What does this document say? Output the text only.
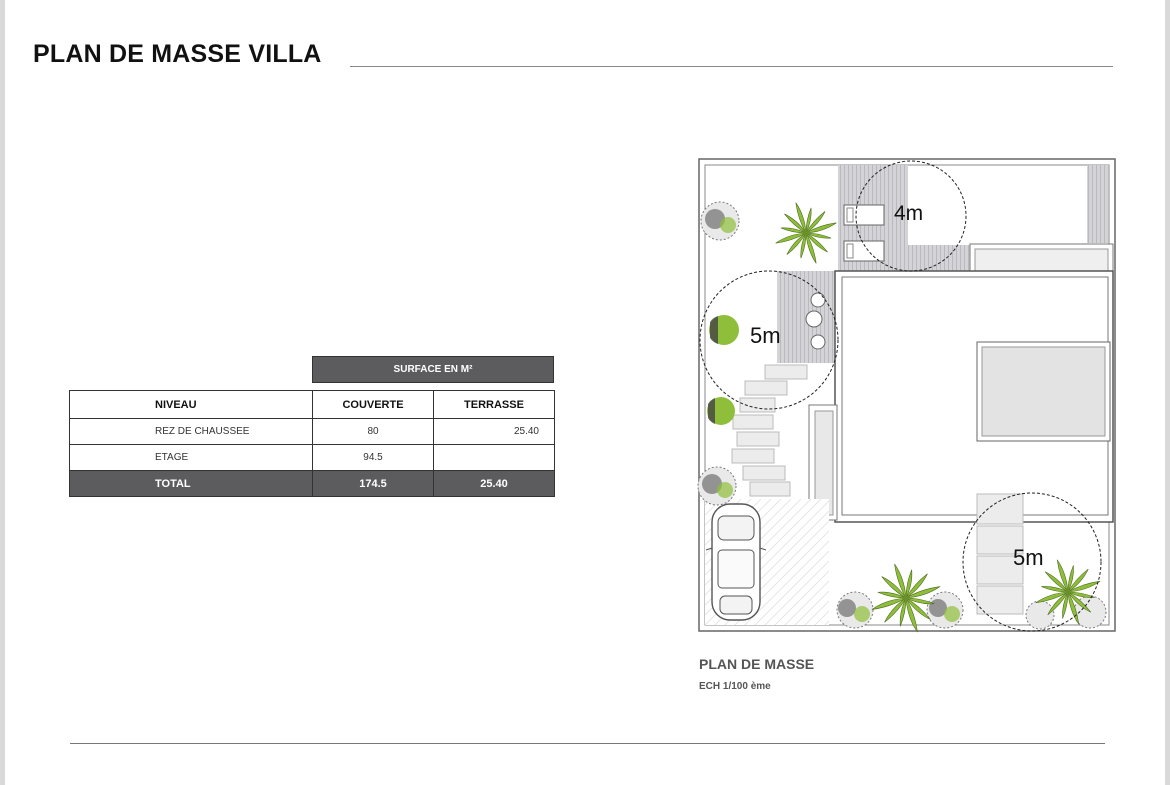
PLAN DE MASSE VILLA
SURFACE EN M²
NIVEAU	COUVERTE	TERRASSE
REZ DE CHAUSSEE	80	25.40
ETAGE	94.5	
TOTAL	174.5	25.40
PLAN DE MASSE
ECH 1/100 ème
4m
5m
5m
